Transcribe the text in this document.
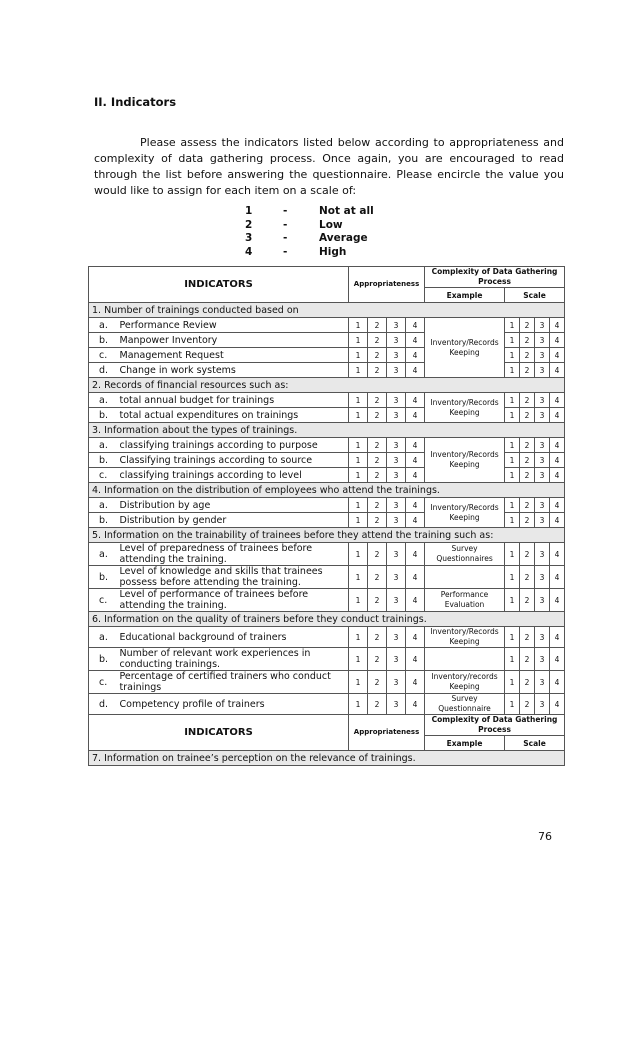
II. Indicators

Please assess the indicators listed below according to appropriateness and complexity of data gathering process. Once again, you are encouraged to read through the list before answering the questionnaire. Please encircle the value you would like to assign for each item on a scale of:

1	-	Not at all
2	-	Low
3	-	Average
4	-	High
INDICATORS		Appropriateness				Complexity of Data Gathering Process				
						Example	Scale			
1. Number of trainings conducted based on										
a.	Performance Review	1	2	3	4	Inventory/Records Keeping	1	2	3	4
b.	Manpower Inventory	1	2	3	4		1	2	3	4
c.	Management Request	1	2	3	4		1	2	3	4
d.	Change in work systems	1	2	3	4		1	2	3	4
2. Records of financial resources such as:										
a.	total annual budget for trainings	1	2	3	4	Inventory/Records Keeping	1	2	3	4
b.	total actual expenditures on trainings	1	2	3	4		1	2	3	4
3. Information about the types of trainings.										
a.	classifying trainings according to purpose	1	2	3	4	Inventory/Records Keeping	1	2	3	4
b.	Classifying trainings according to source	1	2	3	4		1	2	3	4
c.	classifying trainings according to level	1	2	3	4		1	2	3	4
4. Information on the distribution of employees who attend the trainings.										
a.	Distribution by age	1	2	3	4	Inventory/Records Keeping	1	2	3	4
b.	Distribution by gender	1	2	3	4		1	2	3	4
5. Information on the trainability of trainees before they attend the training such as:										
a.	Level of preparedness of trainees before attending the training.	1	2	3	4	Survey Questionnaires	1	2	3	4
b.	Level of knowledge and skills that trainees possess before attending the training.	1	2	3	4		1	2	3	4
c.	Level of performance of trainees before attending the training.	1	2	3	4	Performance Evaluation	1	2	3	4
6. Information on the quality of trainers before they conduct trainings.										
a.	Educational background of trainers	1	2	3	4	Inventory/Records Keeping	1	2	3	4
b.	Number of relevant work experiences in conducting trainings.	1	2	3	4		1	2	3	4
c.	Percentage of certified trainers who conduct trainings	1	2	3	4	Inventory/records Keeping	1	2	3	4
d.	Competency profile of trainers	1	2	3	4	Survey Questionnaire	1	2	3	4
INDICATORS		Appropriateness				Complexity of Data Gathering Process				
						Example	Scale			
7. Information on trainee’s perception on the relevance of trainings.										
76
